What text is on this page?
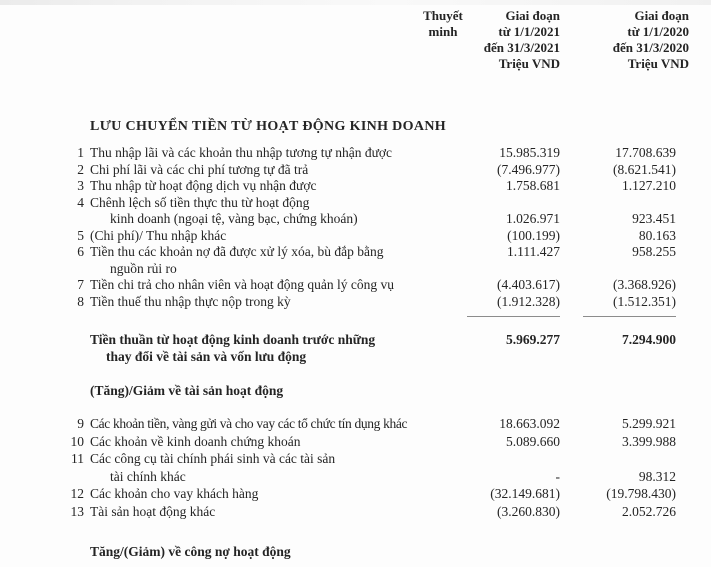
Thuyết
minh
Giai đoạn
từ 1/1/2021
đến 31/3/2021
Triệu VND
Giai đoạn
từ 1/1/2020
đến 31/3/2020
Triệu VND
LƯU CHUYỂN TIỀN TỪ HOẠT ĐỘNG KINH DOANH
1 Thu nhập lãi và các khoản thu nhập tương tự nhận được	15.985.319	17.708.639
2 Chi phí lãi và các chi phí tương tự đã trả	(7.496.977)	(8.621.541)
3 Thu nhập từ hoạt động dịch vụ nhận được	1.758.681	1.127.210
4 Chênh lệch số tiền thực thu từ hoạt động
kinh doanh (ngoại tệ, vàng bạc, chứng khoán)	1.026.971	923.451
5 (Chi phí)/ Thu nhập khác	(100.199)	80.163
6 Tiền thu các khoản nợ đã được xử lý xóa, bù đắp bằng	1.111.427	958.255
nguồn rủi ro
7 Tiền chi trả cho nhân viên và hoạt động quản lý công vụ	(4.403.617)	(3.368.926)
8 Tiền thuế thu nhập thực nộp trong kỳ	(1.912.328)	(1.512.351)
Tiền thuần từ hoạt động kinh doanh trước những	5.969.277	7.294.900
thay đổi về tài sản và vốn lưu động
(Tăng)/Giảm về tài sản hoạt động
9 Các khoản tiền, vàng gửi và cho vay các tổ chức tín dụng khác	18.663.092	5.299.921
10 Các khoản về kinh doanh chứng khoán	5.089.660	3.399.988
11 Các công cụ tài chính phái sinh và các tài sản
tài chính khác	-	98.312
12 Các khoản cho vay khách hàng	(32.149.681)	(19.798.430)
13 Tài sản hoạt động khác	(3.260.830)	2.052.726
Tăng/(Giảm) về công nợ hoạt động
